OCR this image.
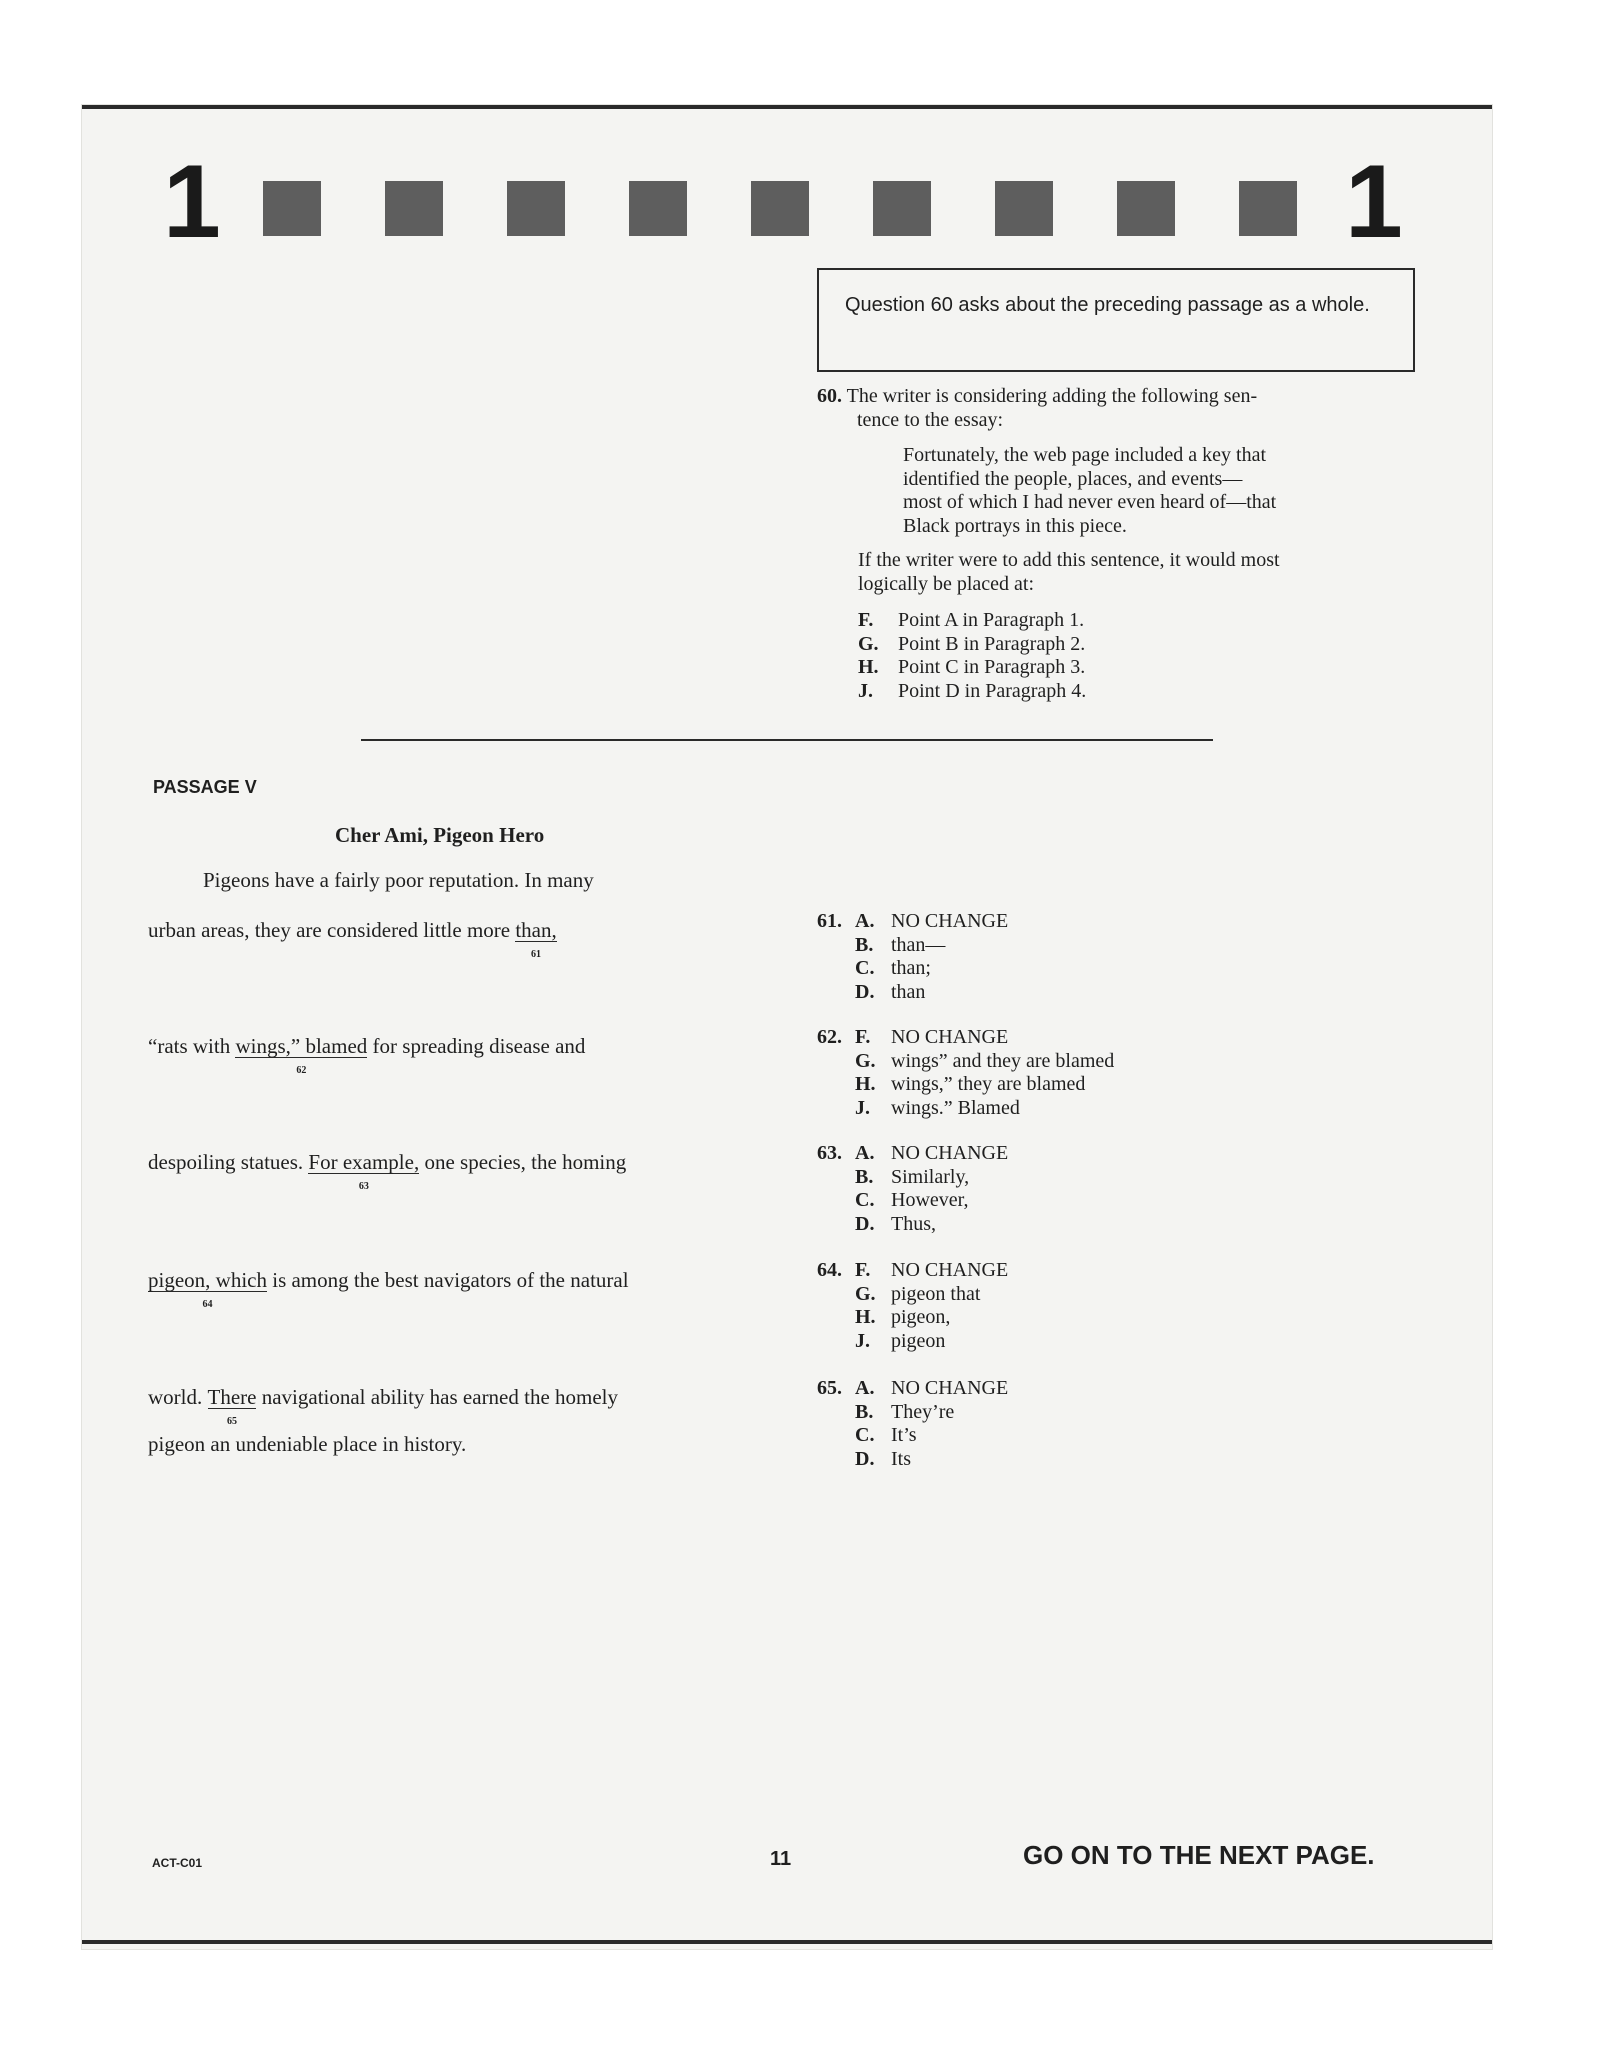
1	1
Question 60 asks about the preceding passage as a whole.
60. The writer is considering adding the following sen-
tence to the essay:
Fortunately, the web page included a key that
identified the people, places, and events—
most of which I had never even heard of—that
Black portrays in this piece.
If the writer were to add this sentence, it would most
logically be placed at:
F.	Point A in Paragraph 1.
G. Point B in Paragraph 2.
H. Point C in Paragraph 3.
J.	Point D in Paragraph 4.
PASSAGE V
Cher Ami, Pigeon Hero
Pigeons have a fairly poor reputation. In many
urban areas, they are considered little more than,
61
“rats with wings,” blamed
62
for spreading disease and
despoiling statues. For example,
63
one species, the homing
pigeon, which
64
is among the best navigators of the natural
world. There
65
navigational ability has earned the homely
pigeon an undeniable place in history.
61. A. NO CHANGE
B. than—
C. than;
D. than
62. F. NO CHANGE
G. wings” and they are blamed
H. wings,” they are blamed
J. wings.” Blamed
63. A. NO CHANGE
B. Similarly,
C. However,
D. Thus,
64. F. NO CHANGE
G. pigeon that
H. pigeon,
J. pigeon
65. A. NO CHANGE
B. They’re
C. It’s
D. Its
ACT-C01	11	GO ON TO THE NEXT PAGE.
